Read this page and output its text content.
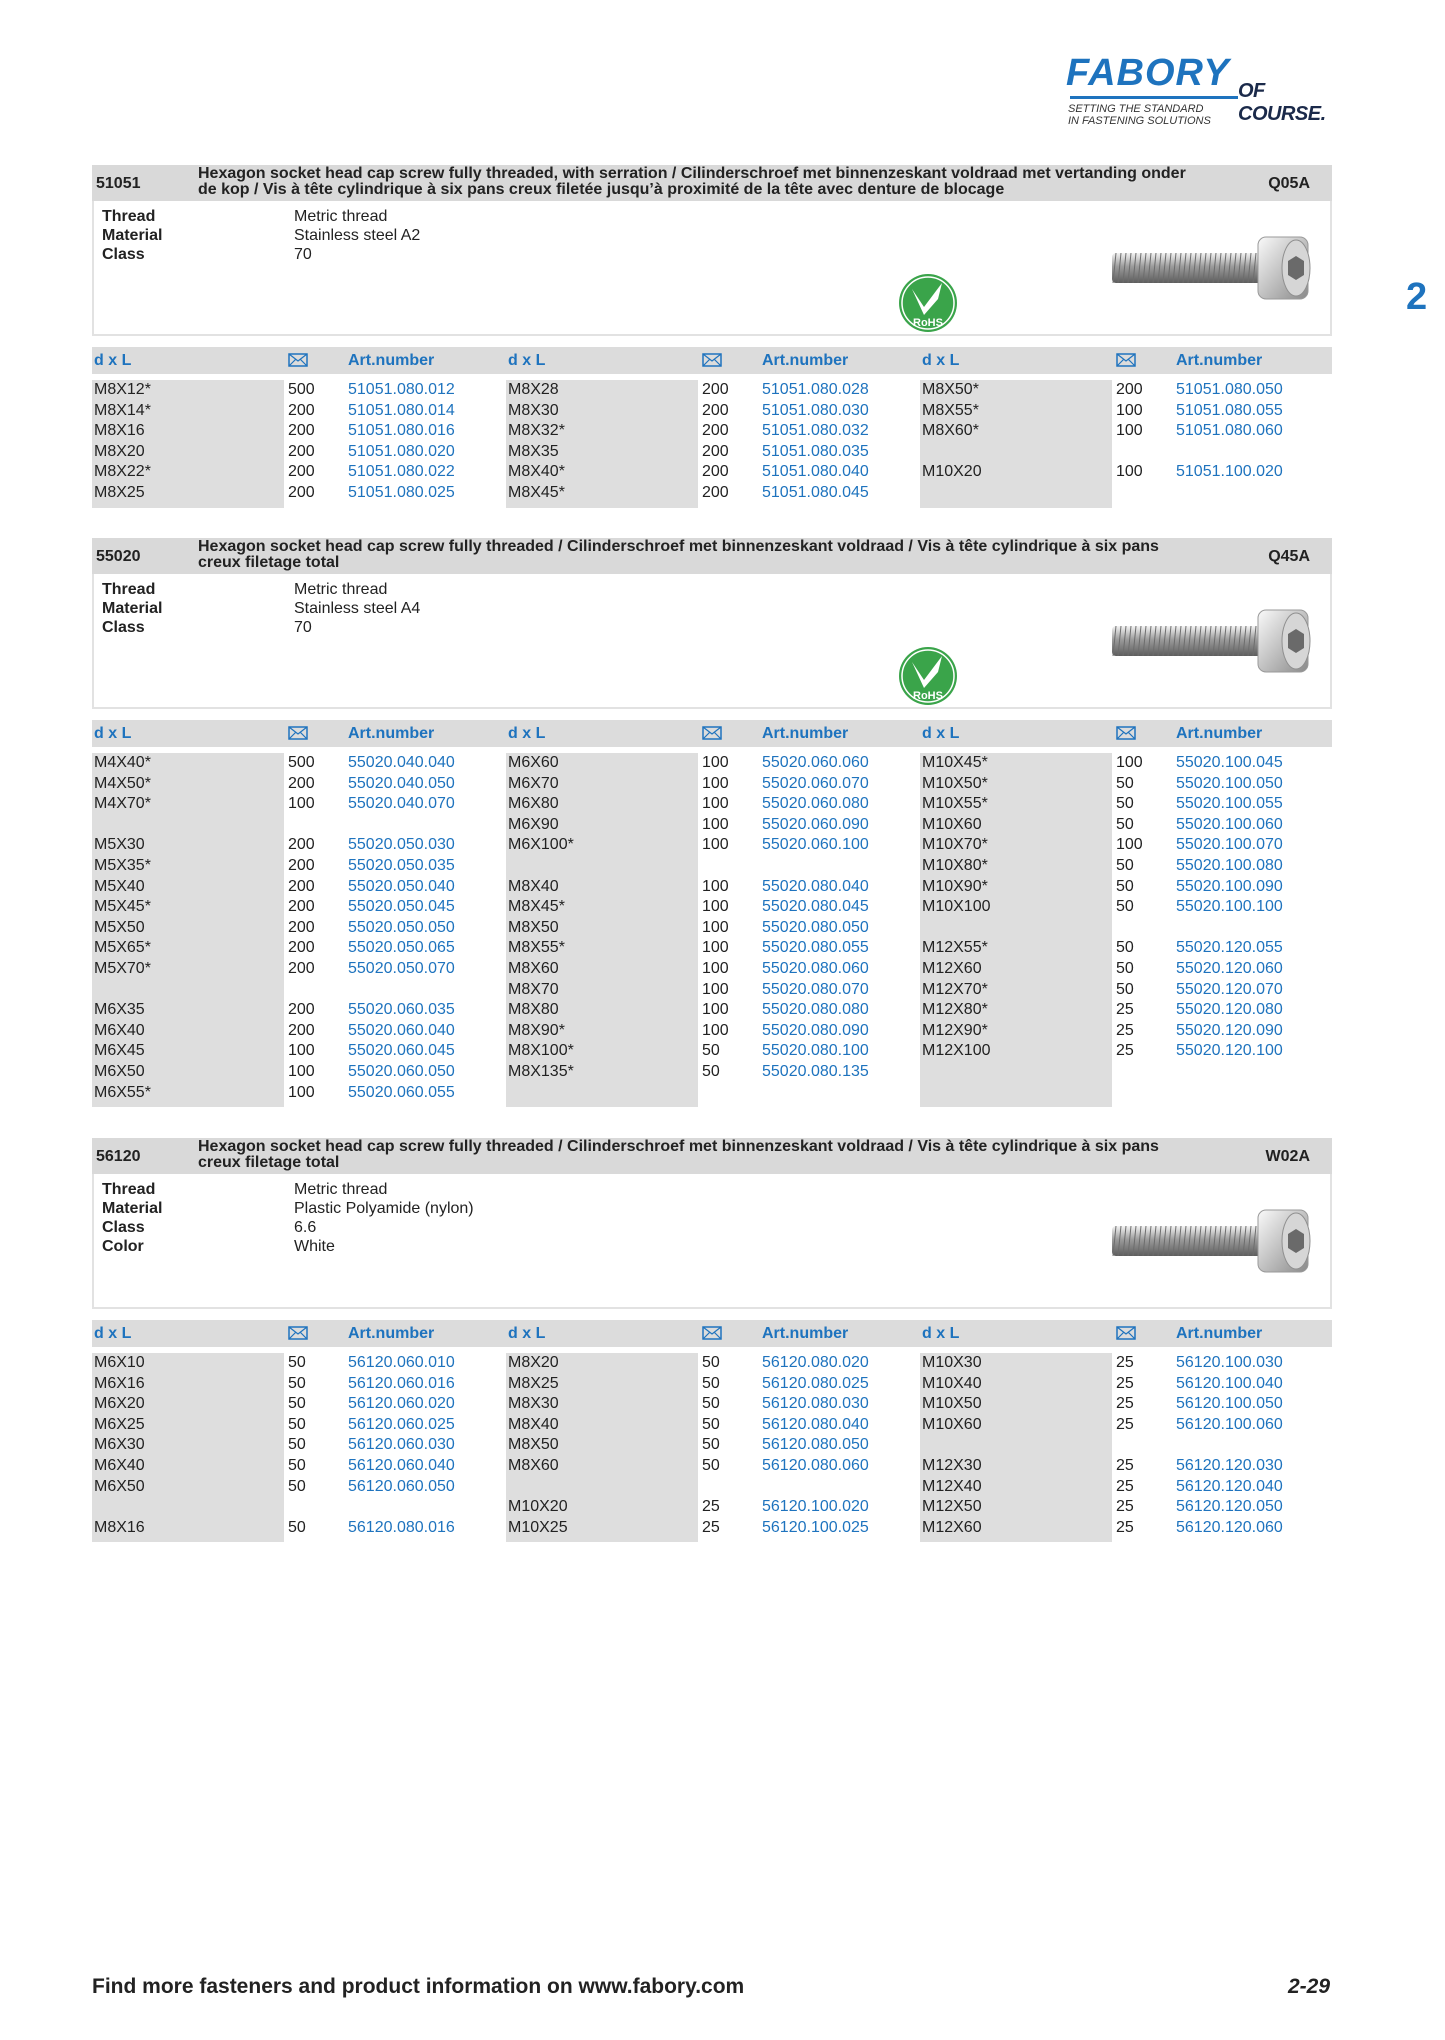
FABORY OF COURSE.
SETTING THE STANDARD
IN FASTENING SOLUTIONS
2
51051
Hexagon socket head cap screw fully threaded, with serration / Cilinderschroef met binnenzeskant voldraad met vertanding onder de kop / Vis à tête cylindrique à six pans creux filetée jusqu’à proximité de la tête avec denture de blocage	Q05A
Thread	Metric thread
Material	Stainless steel A2
Class	70
RoHS
d x L	Art.number	d x L	Art.number	d x L	Art.number
M8X12*	500 51051.080.012
M8X14*	200 51051.080.014
M8X16	200 51051.080.016
M8X20	200 51051.080.020
M8X22*	200 51051.080.022
M8X25	200 51051.080.025
M8X28	200 51051.080.028
M8X30	200 51051.080.030
M8X32*	200 51051.080.032
M8X35	200 51051.080.035
M8X40*	200 51051.080.040
M8X45*	200 51051.080.045
M8X50*	200 51051.080.050
M8X55*	100 51051.080.055
M8X60*	100 51051.080.060
M10X20	100 51051.100.020
55020
Hexagon socket head cap screw fully threaded / Cilinderschroef met binnenzeskant voldraad / Vis à tête cylindrique à six pans creux filetage total	Q45A
Thread	Metric thread
Material	Stainless steel A4
Class	70
RoHS
d x L	Art.number	d x L	Art.number	d x L	Art.number
M4X40*	500 55020.040.040
M4X50*	200 55020.040.050
M4X70*	100 55020.040.070
M5X30	200 55020.050.030
M5X35*	200 55020.050.035
M5X40	200 55020.050.040
M5X45*	200 55020.050.045
M5X50	200 55020.050.050
M5X65*	200 55020.050.065
M5X70*	200 55020.050.070
M6X35	200 55020.060.035
M6X40	200 55020.060.040
M6X45	100 55020.060.045
M6X50	100 55020.060.050
M6X55*	100 55020.060.055
M6X60	100 55020.060.060
M6X70	100 55020.060.070
M6X80	100 55020.060.080
M6X90	100 55020.060.090
M6X100*	100 55020.060.100
M8X40	100 55020.080.040
M8X45*	100 55020.080.045
M8X50	100 55020.080.050
M8X55*	100 55020.080.055
M8X60	100 55020.080.060
M8X70	100 55020.080.070
M8X80	100 55020.080.080
M8X90*	100 55020.080.090
M8X100*	50	55020.080.100
M8X135*	50	55020.080.135
M10X45*	100 55020.100.045
M10X50*	50	55020.100.050
M10X55*	50	55020.100.055
M10X60	50	55020.100.060
M10X70*	100 55020.100.070
M10X80*	50	55020.100.080
M10X90*	50	55020.100.090
M10X100	50	55020.100.100
M12X55*	50	55020.120.055
M12X60	50	55020.120.060
M12X70*	50	55020.120.070
M12X80*	25	55020.120.080
M12X90*	25	55020.120.090
M12X100	25	55020.120.100
56120
Hexagon socket head cap screw fully threaded / Cilinderschroef met binnenzeskant voldraad / Vis à tête cylindrique à six pans creux filetage total	W02A
Thread	Metric thread
Material	Plastic Polyamide (nylon)
Class	6.6
Color	White
d x L	Art.number	d x L	Art.number	d x L	Art.number
M6X10	50	56120.060.010
M6X16	50	56120.060.016
M6X20	50	56120.060.020
M6X25	50	56120.060.025
M6X30	50	56120.060.030
M6X40	50	56120.060.040
M6X50	50	56120.060.050
M8X16	50	56120.080.016
M8X20	50	56120.080.020
M8X25	50	56120.080.025
M8X30	50	56120.080.030
M8X40	50	56120.080.040
M8X50	50	56120.080.050
M8X60	50	56120.080.060
M10X20	25	56120.100.020
M10X25	25	56120.100.025
M10X30	25	56120.100.030
M10X40	25	56120.100.040
M10X50	25	56120.100.050
M10X60	25	56120.100.060
M12X30	25	56120.120.030
M12X40	25	56120.120.040
M12X50	25	56120.120.050
M12X60	25	56120.120.060
Find more fasteners and product information on www.fabory.com	2-29
